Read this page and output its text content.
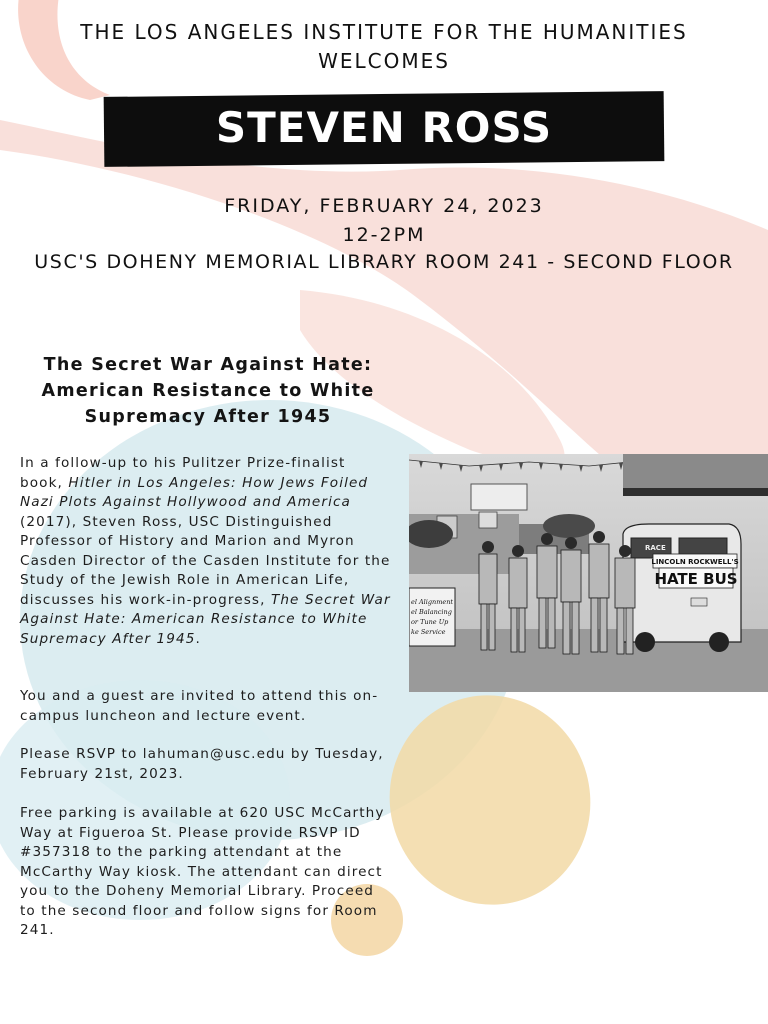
THE LOS ANGELES INSTITUTE FOR THE HUMANITIES
WELCOMES
STEVEN ROSS
FRIDAY, FEBRUARY 24, 2023
12-2PM
USC'S DOHENY MEMORIAL LIBRARY ROOM 241 - SECOND FLOOR
The Secret War Against Hate:
American Resistance to White
Supremacy After 1945
In a follow-up to his Pulitzer Prize-finalist book, Hitler in Los Angeles: How Jews Foiled Nazi Plots Against Hollywood and America (2017), Steven Ross, USC Distinguished Professor of History and Marion and Myron Casden Director of the Casden Institute for the Study of the Jewish Role in American Life, discusses his work-in-progress, The Secret War Against Hate: American Resistance to White Supremacy After 1945.
You and a guest are invited to attend this on-campus luncheon and lecture event.
Please RSVP to lahuman@usc.edu by Tuesday, February 21st, 2023.
Free parking is available at 620 USC McCarthy Way at Figueroa St. Please provide RSVP ID #357318 to the parking attendant at the McCarthy Way kiosk. The attendant can direct you to the Doheny Memorial Library. Proceed to the second floor and follow signs for Room 241.
LINCOLN ROCKWELL'S
HATE BUS
RACE
el Alignment
el Balancing
or Tune Up
ke Service
